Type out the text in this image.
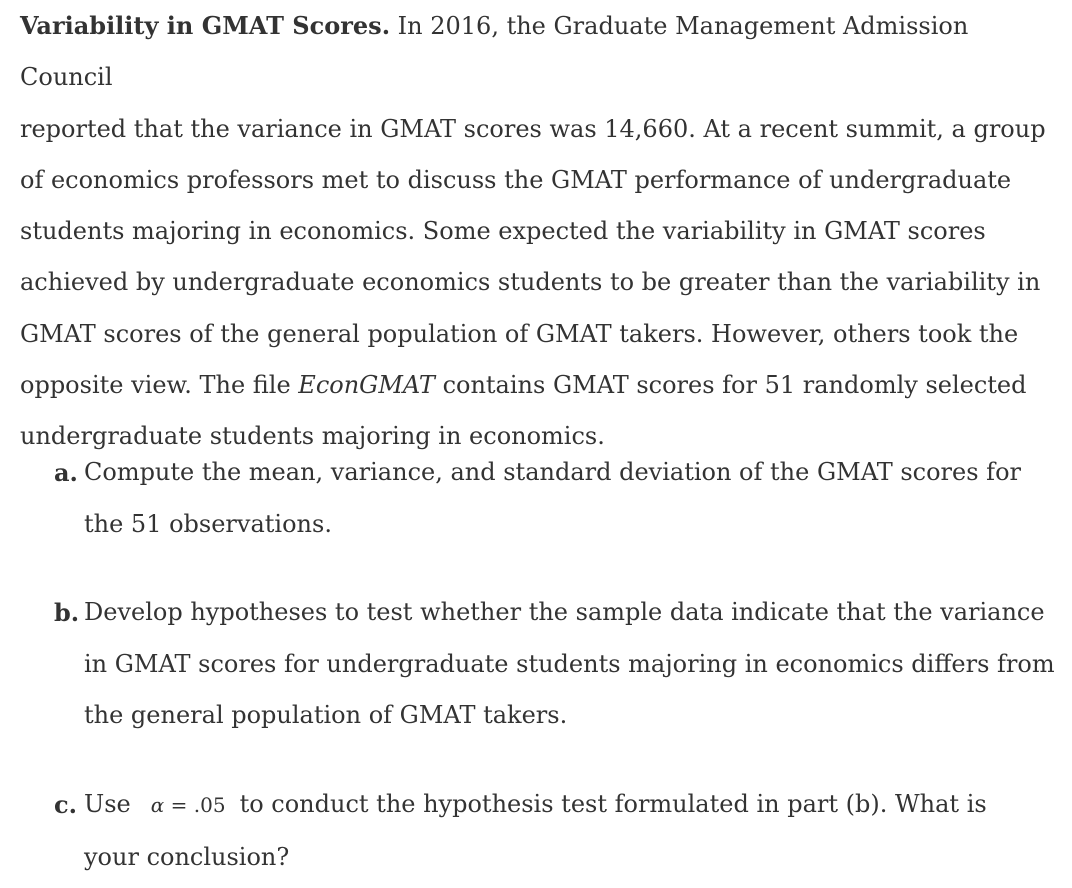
Variability in GMAT Scores. In 2016, the Graduate Management Admission Council
reported that the variance in GMAT scores was 14,660. At a recent summit, a group
of economics professors met to discuss the GMAT performance of undergraduate
students majoring in economics. Some expected the variability in GMAT scores
achieved by undergraduate economics students to be greater than the variability in
GMAT scores of the general population of GMAT takers. However, others took the
opposite view. The file EconGMAT contains GMAT scores for 51 randomly selected
undergraduate students majoring in economics.

a. Compute the mean, variance, and standard deviation of the GMAT scores for
the 51 observations.
b. Develop hypotheses to test whether the sample data indicate that the variance
in GMAT scores for undergraduate students majoring in economics differs from
the general population of GMAT takers.
c. Use α = .05 to conduct the hypothesis test formulated in part (b). What is
your conclusion?
